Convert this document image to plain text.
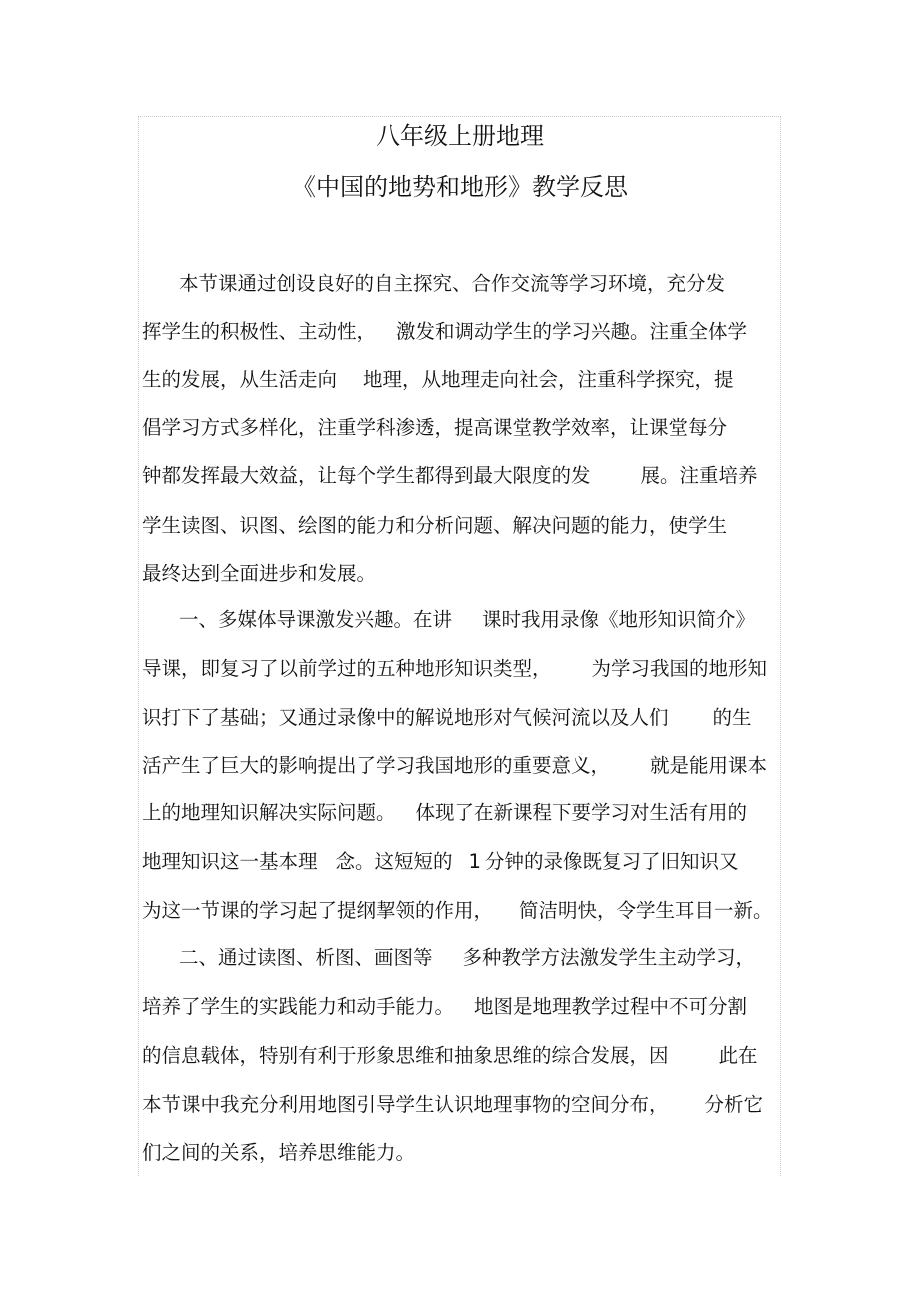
八年级上册地理
《中国的地势和地形》教学反思
本节课通过创设良好的自主探究、合作交流等学习环境，充分发
挥学生的积极性、主动性， 激发和调动学生的学习兴趣。注重全体学
生的发展，从生活走向 地理，从地理走向社会，注重科学探究，提
倡学习方式多样化，注重学科渗透，提高课堂教学效率，让课堂每分
钟都发挥最大效益，让每个学生都得到最大限度的发	展。注重培养
学生读图、识图、绘图的能力和分析问题、解决问题的能力，使学生
最终达到全面进步和发展。
一、多媒体导课激发兴趣。在讲 课时我用录像《地形知识简介》
导课，即复习了以前学过的五种地形知识类型， 为学习我国的地形知
识打下了基础；又通过录像中的解说地形对气候河流以及人们 的生
活产生了巨大的影响提出了学习我国地形的重要意义， 就是能用课本
上的地理知识解决实际问题。 体现了在新课程下要学习对生活有用的
地理知识这一基本理 念。这短短的 1 分钟的录像既复习了旧知识又
为这一节课的学习起了提纲挈领的作用， 简洁明快，令学生耳目一新。
二、通过读图、析图、画图等 多种教学方法激发学生主动学习，
培养了学生的实践能力和动手能力。 地图是地理教学过程中不可分割
的信息载体，特别有利于形象思维和抽象思维的综合发展，因	此在
本节课中我充分利用地图引导学生认识地理事物的空间分布， 分析它
们之间的关系，培养思维能力。
